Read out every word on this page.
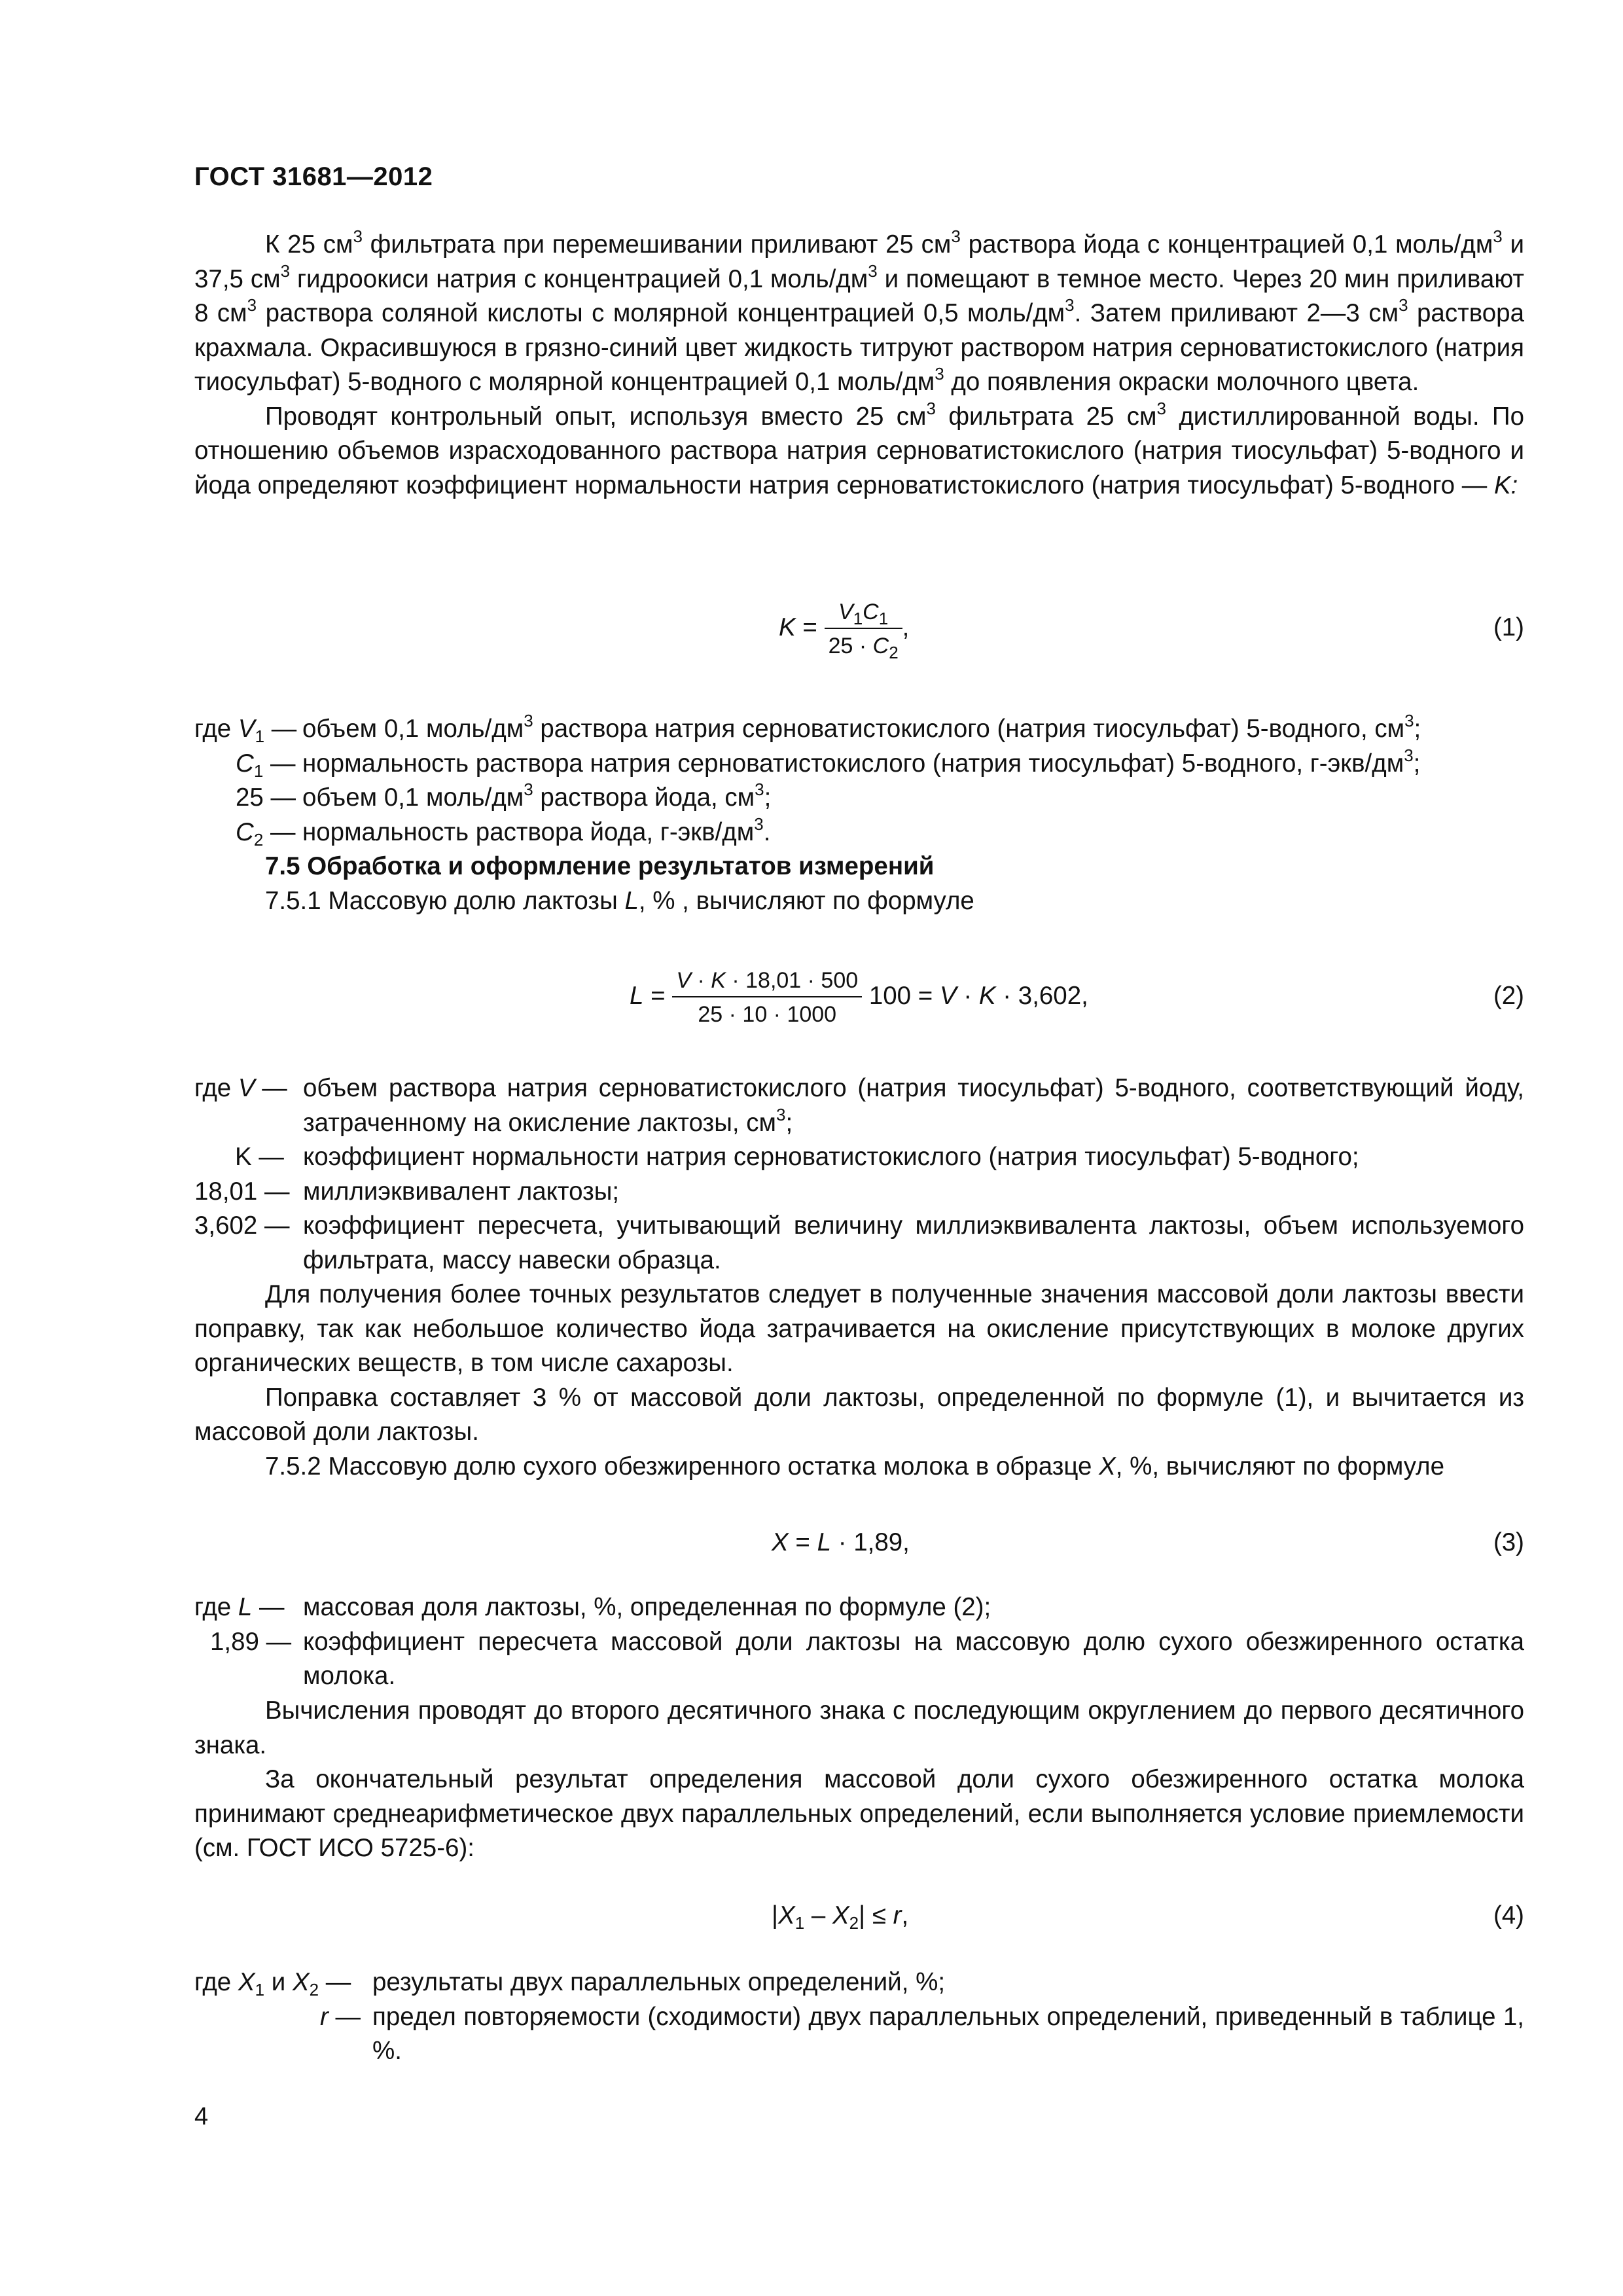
ГОСТ 31681—2012

К 25 $см^3$ фильтрата при перемешивании приливают 25 $см^3$ раствора йода с концентрацией 0,1 моль/$дм^3$ и 37,5 $см^3$ гидроокиси натрия с концентрацией 0,1 моль/$дм^3$ и помещают в темное место. Через 20 мин приливают 8 $см^3$ раствора соляной кислоты с молярной концентрацией 0,5 моль/$дм^3$. Затем приливают 2—3 $см^3$ раствора крахмала. Окрасившуюся в грязно-синий цвет жидкость титруют раствором натрия серноватистокислого (натрия тиосульфат) 5-водного с молярной концентрацией 0,1 моль/$дм^3$ до появления окраски молочного цвета.

Проводят контрольный опыт, используя вместо 25 $см^3$ фильтрата 25 $см^3$ дистиллированной воды. По отношению объемов израсходованного раствора натрия серноватистокислого (натрия тиосульфат) 5-водного и йода определяют коэффициент нормальности натрия серноватистокислого (натрия тиосульфат) 5-водного — K:

$K = \frac{V_1C_1}{25 \cdot C_2}$ ,	(1)
где $V_1$ — объем 0,1 моль/$дм^3$ раствора натрия серноватистокислого (натрия тиосульфат) 5-водного, $см^3$;
$C_1$ — нормальность раствора натрия серноватистокислого (натрия тиосульфат) 5-водного, $г-экв/дм^3$;
25 — объем 0,1 моль/$дм^3$ раствора йода, $см^3$;
$C_2$ — нормальность раствора йода, $г-экв/дм^3$.

7.5 Обработка и оформление результатов измерений

7.5.1 Массовую долю лактозы L, % , вычисляют по формуле

$L = \frac{V \cdot K \cdot 18,01 \cdot 500}{25 \cdot 10 \cdot 1000} 100 = V \cdot K \cdot 3,602$,	(2)
где V — объем раствора натрия серноватистокислого (натрия тиосульфат) 5-водного, соответствующий йоду, затраченному на окисление лактозы, $см^3$;
K — коэффициент нормальности натрия серноватистокислого (натрия тиосульфат) 5-водного;
18,01 — миллиэквивалент лактозы;
3,602 — коэффициент пересчета, учитывающий величину миллиэквивалента лактозы, объем используемого фильтрата, массу навески образца.

Для получения более точных результатов следует в полученные значения массовой доли лактозы ввести поправку, так как небольшое количество йода затрачивается на окисление присутствующих в молоке других органических веществ, в том числе сахарозы.

Поправка составляет 3 % от массовой доли лактозы, определенной по формуле (1), и вычитается из массовой доли лактозы.

7.5.2 Массовую долю сухого обезжиренного остатка молока в образце X, %, вычисляют по формуле

X = L · 1,89,	(3)
где L — массовая доля лактозы, %, определенная по формуле (2);
1,89 — коэффициент пересчета массовой доли лактозы на массовую долю сухого обезжиренного остатка молока.

Вычисления проводят до второго десятичного знака с последующим округлением до первого десятичного знака.

За окончательный результат определения массовой доли сухого обезжиренного остатка молока принимают среднеарифметическое двух параллельных определений, если выполняется условие приемлемости (см. ГОСТ ИСО 5725-6):

$|X_1 - X_2| \le r$,	(4)
где $X_1$ и $X_2$ — результаты двух параллельных определений, %;
r — предел повторяемости (сходимости) двух параллельных определений, приведенный в таблице 1, %.
4
